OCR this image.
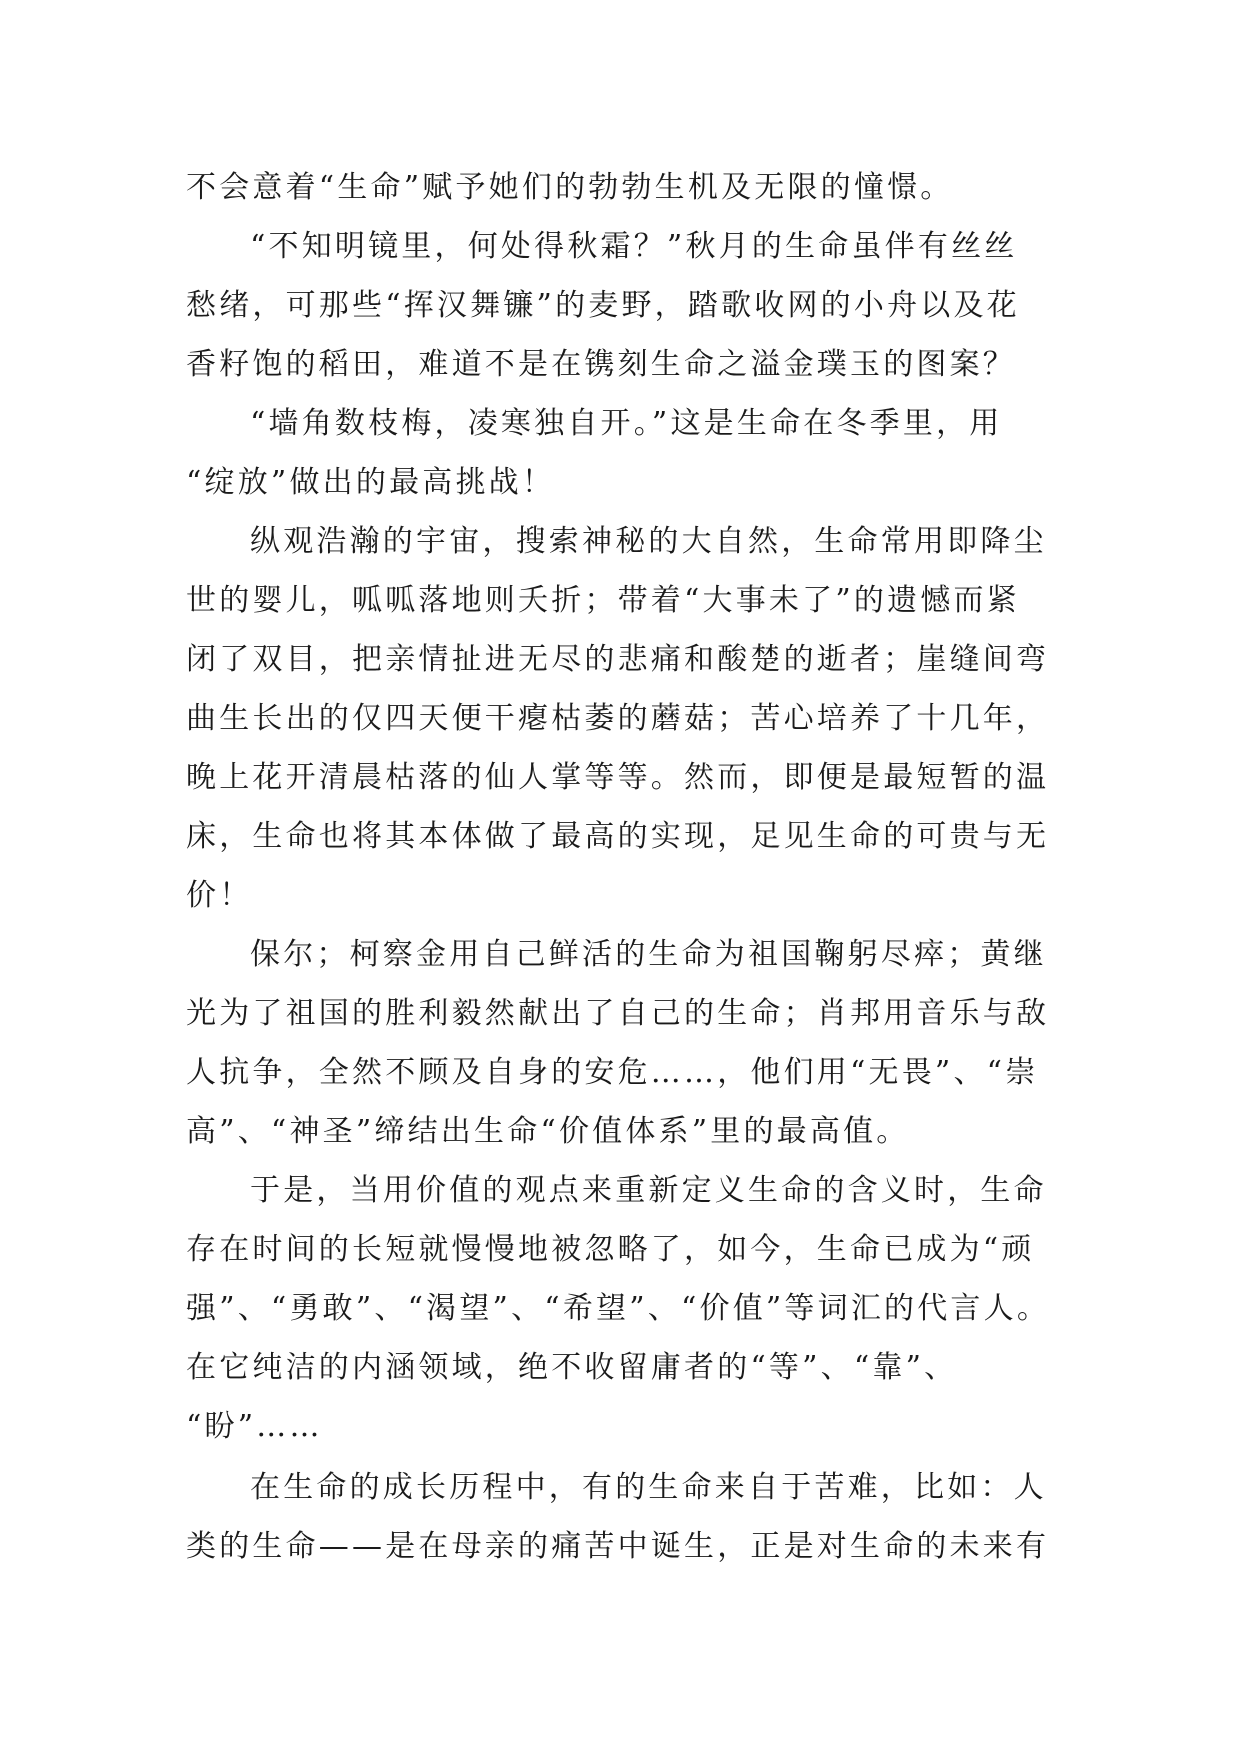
不会意着“生命”赋予她们的勃勃生机及无限的憧憬。
“不知明镜里，何处得秋霜？”秋月的生命虽伴有丝丝
愁绪，可那些“挥汉舞镰”的麦野，踏歌收网的小舟以及花
香籽饱的稻田，难道不是在镌刻生命之溢金璞玉的图案？
“墙角数枝梅，凌寒独自开。”这是生命在冬季里，用
“绽放”做出的最高挑战！
纵观浩瀚的宇宙，搜索神秘的大自然，生命常用即降尘
世的婴儿，呱呱落地则夭折；带着“大事未了”的遗憾而紧
闭了双目，把亲情扯进无尽的悲痛和酸楚的逝者；崖缝间弯
曲生长出的仅四天便干瘪枯萎的蘑菇；苦心培养了十几年，
晚上花开清晨枯落的仙人掌等等。然而，即便是最短暂的温
床，生命也将其本体做了最高的实现，足见生命的可贵与无
价！
保尔；柯察金用自己鲜活的生命为祖国鞠躬尽瘁；黄继
光为了祖国的胜利毅然献出了自己的生命；肖邦用音乐与敌
人抗争，全然不顾及自身的安危……，他们用“无畏”、“崇
高”、“神圣”缔结出生命“价值体系”里的最高值。
于是，当用价值的观点来重新定义生命的含义时，生命
存在时间的长短就慢慢地被忽略了，如今，生命已成为“顽
强”、“勇敢”、“渴望”、“希望”、“价值”等词汇的代言人。
在它纯洁的内涵领域，绝不收留庸者的“等”、“靠”、
“盼”……
在生命的成长历程中，有的生命来自于苦难，比如：人
类的生命——是在母亲的痛苦中诞生，正是对生命的未来有
